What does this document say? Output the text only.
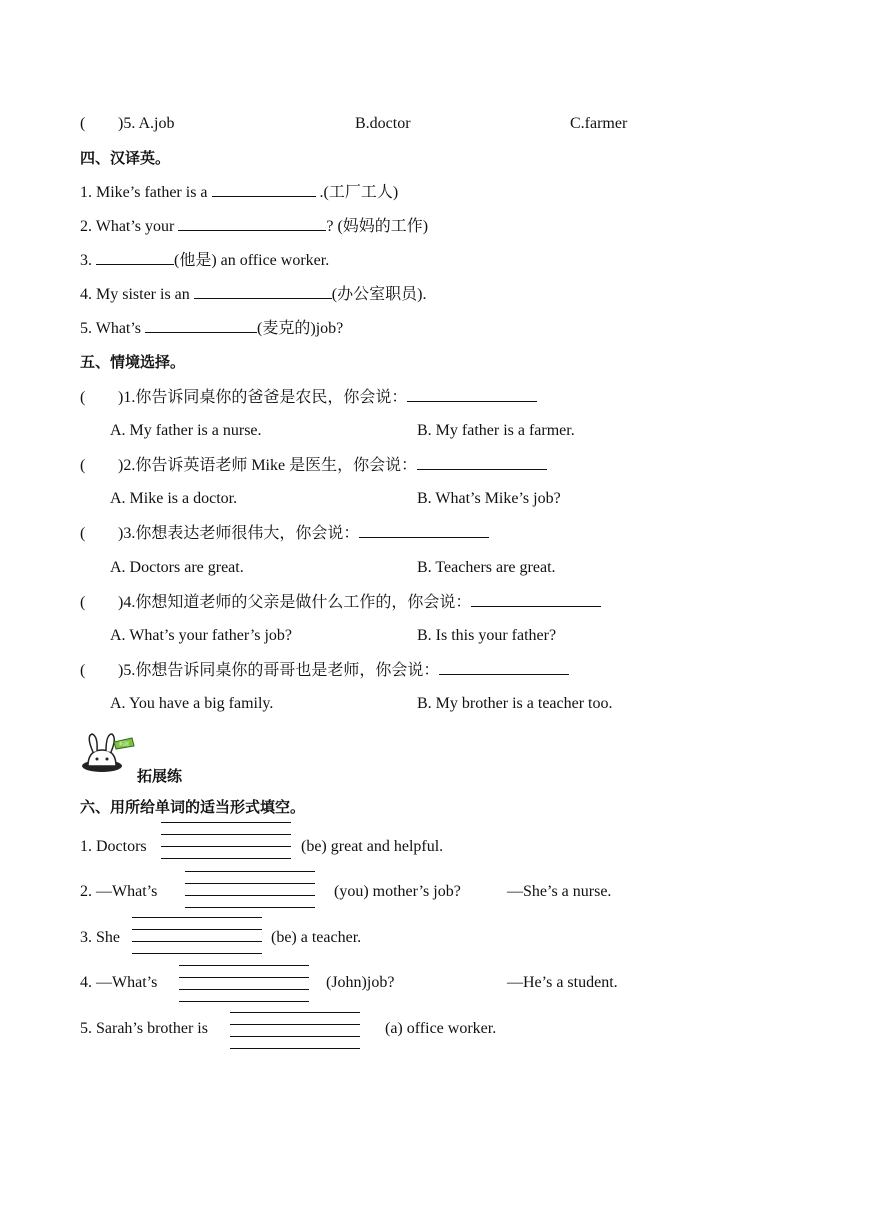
( )5. A.job	B.doctor	C.farmer
四、汉译英。
1. Mike’s father is a	.(工厂工人)
2. What’s your	? (妈妈的工作)
3.	(他是) an office worker.
4. My sister is an	(办公室职员).
5. What’s	(麦克的)job?
五、情境选择。
( )1.你告诉同桌你的爸爸是农民，你会说：
A. My father is a nurse.	B. My father is a farmer.
( )2.你告诉英语老师 Mike 是医生，你会说：
A. Mike is a doctor.	B. What’s Mike’s job?
( )3.你想表达老师很伟大，你会说：
A. Doctors are great.	B. Teachers are great.
( )4.你想知道老师的父亲是做什么工作的，你会说：
A. What’s your father’s job?	B. Is this your father?
( )5.你想告诉同桌你的哥哥也是老师，你会说：
A. You have a big family.	B. My brother is a teacher too.
拓展
拓展练
六、用所给单词的适当形式填空。
1. Doctors	(be) great and helpful.
2. —What’s	(you) mother’s job?	—She’s a nurse.
3. She	(be) a teacher.
4. —What’s	(John)job?	—He’s a student.
5. Sarah’s brother is	(a) office worker.
